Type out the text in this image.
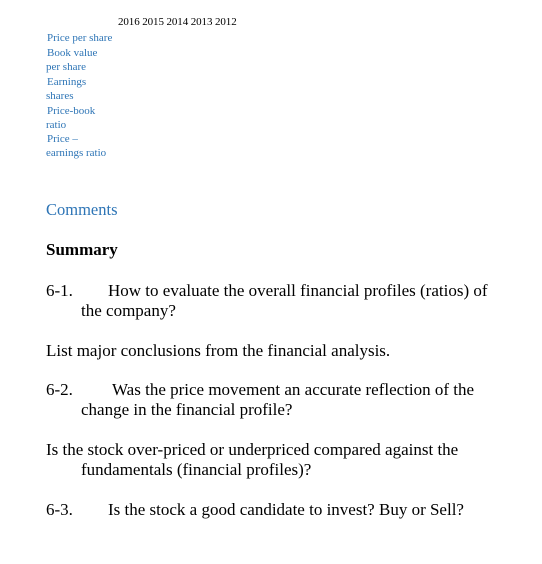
2016 2015 2014 2013 2012
Price per share
Book value
per share
Earnings
shares
Price-book
ratio
Price –
earnings ratio
Comments
Summary
6-1. How to evaluate the overall financial profiles (ratios) of
the company?
List major conclusions from the financial analysis.
6-2. Was the price movement an accurate reflection of the
change in the financial profile?
Is the stock over-priced or underpriced compared against the
fundamentals (financial profiles)?
6-3. Is the stock a good candidate to invest? Buy or Sell?
